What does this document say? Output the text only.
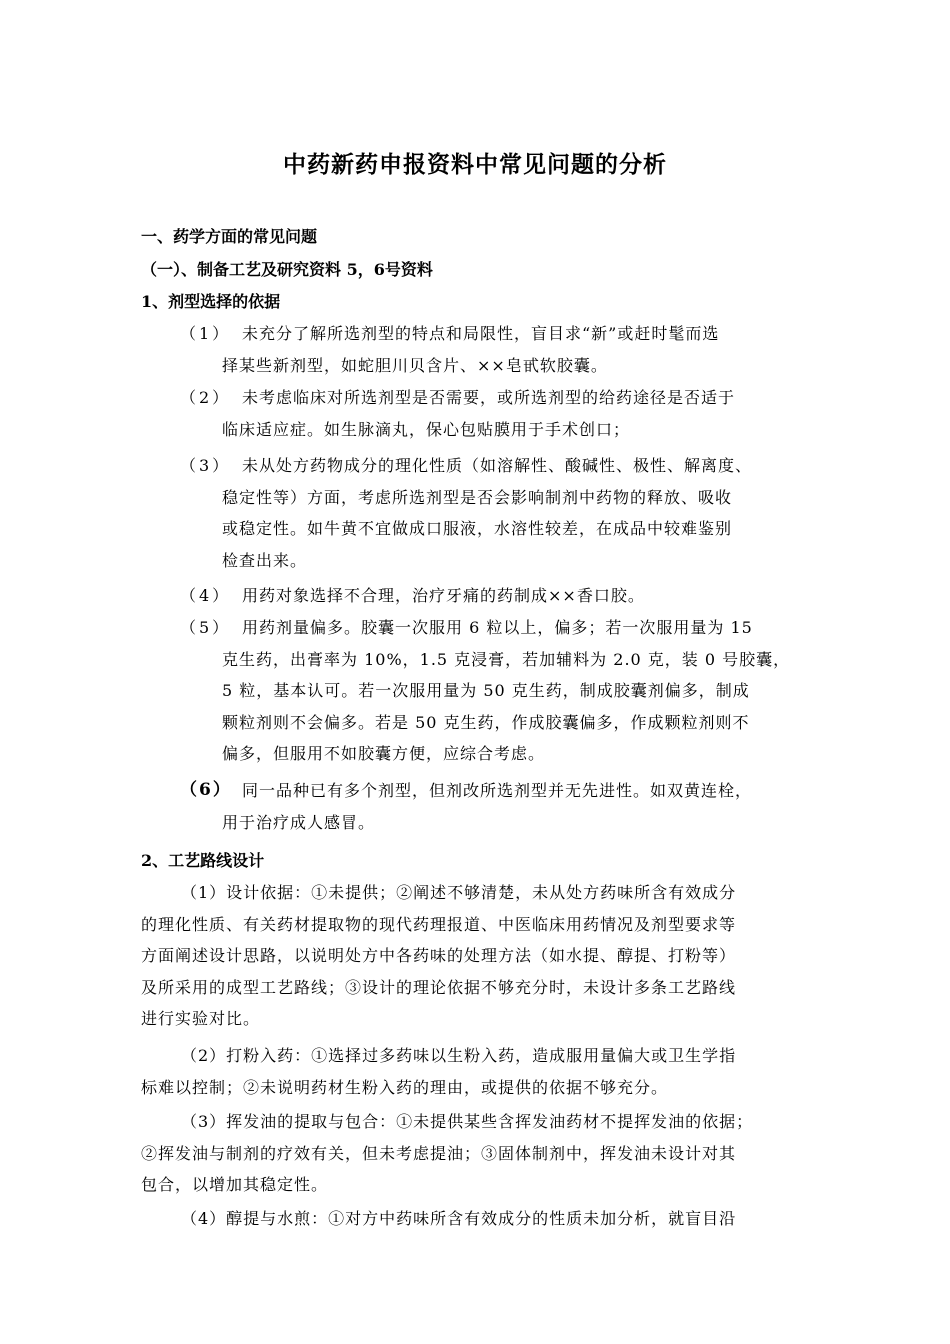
中药新药申报资料中常见问题的分析
一、药学方面的常见问题
（一）、制备工艺及研究资料 5，6号资料
1、剂型选择的依据
（1） 未充分了解所选剂型的特点和局限性，盲目求“新”或赶时髦而选
择某些新剂型，如蛇胆川贝含片、××皂甙软胶囊。
（2） 未考虑临床对所选剂型是否需要，或所选剂型的给药途径是否适于
临床适应症。如生脉滴丸，保心包贴膜用于手术创口；
（3） 未从处方药物成分的理化性质（如溶解性、酸碱性、极性、解离度、
稳定性等）方面，考虑所选剂型是否会影响制剂中药物的释放、吸收
或稳定性。如牛黄不宜做成口服液，水溶性较差，在成品中较难鉴别
检查出来。
（4） 用药对象选择不合理，治疗牙痛的药制成××香口胶。
（5） 用药剂量偏多。胶囊一次服用 6 粒以上，偏多；若一次服用量为 15
克生药，出膏率为 10%，1.5 克浸膏，若加辅料为 2.0 克，装 0 号胶囊，
5 粒，基本认可。若一次服用量为 50 克生药，制成胶囊剂偏多，制成
颗粒剂则不会偏多。若是 50 克生药，作成胶囊偏多，作成颗粒剂则不
偏多，但服用不如胶囊方便，应综合考虑。
（6） 同一品种已有多个剂型，但剂改所选剂型并无先进性。如双黄连栓，
用于治疗成人感冒。
2、工艺路线设计
（1）设计依据：①未提供；②阐述不够清楚，未从处方药味所含有效成分
的理化性质、有关药材提取物的现代药理报道、中医临床用药情况及剂型要求等
方面阐述设计思路，以说明处方中各药味的处理方法（如水提、醇提、打粉等）
及所采用的成型工艺路线；③设计的理论依据不够充分时，未设计多条工艺路线
进行实验对比。
（2）打粉入药：①选择过多药味以生粉入药，造成服用量偏大或卫生学指
标难以控制；②未说明药材生粉入药的理由，或提供的依据不够充分。
（3）挥发油的提取与包合：①未提供某些含挥发油药材不提挥发油的依据；
②挥发油与制剂的疗效有关，但未考虑提油；③固体制剂中，挥发油未设计对其
包合，以增加其稳定性。
（4）醇提与水煎：①对方中药味所含有效成分的性质未加分析，就盲目沿
